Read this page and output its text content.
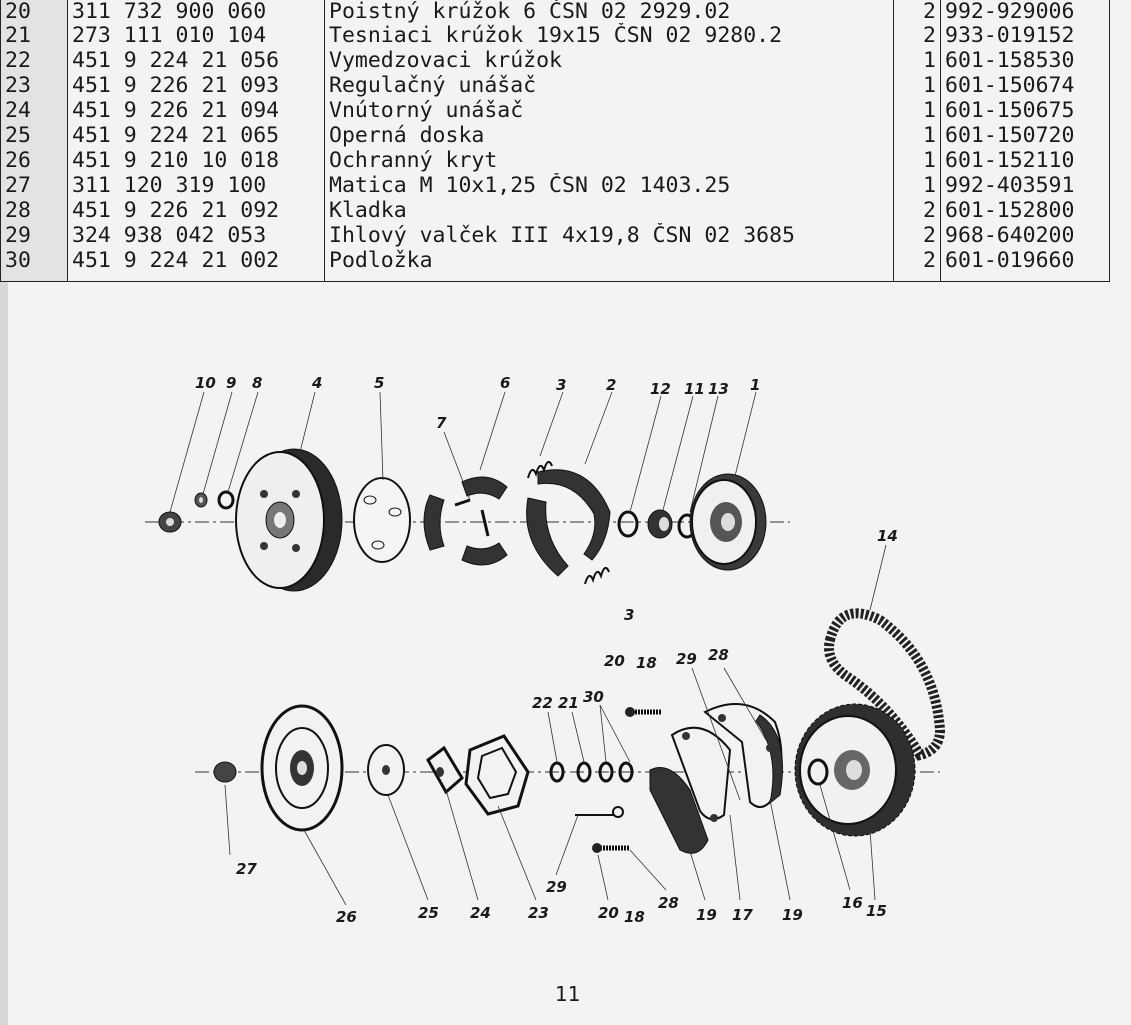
20	311 732 900 060	Poistný krúžok 6 ČSN 02 2929.02	2	992-929006
21	273 111 010 104	Tesniaci krúžok 19x15 ČSN 02 9280.2	2	933-019152
22	451 9 224 21 056	Vymedzovaci krúžok	1	601-158530
23	451 9 226 21 093	Regulačný unášač	1	601-150674
24	451 9 226 21 094	Vnútorný unášač	1	601-150675
25	451 9 224 21 065	Operná doska	1	601-150720
26	451 9 210 10 018	Ochranný kryt	1	601-152110
27	311 120 319 100	Matica M 10x1,25 ČSN 02 1403.25	1	992-403591
28	451 9 226 21 092	Kladka	2	601-152800
29	324 938 042 053	Ihlový valček III 4x19,8 ČSN 02 3685	2	968-640200
30	451 9 224 21 002	Podložka	2	601-019660
10 9 8	4	5
7
6	3	2 12 11 13 1
3
14
20 18 29 28
22 21 30
27
26	25 24 23
29
20 18
28
19 17 19
16 15
11
